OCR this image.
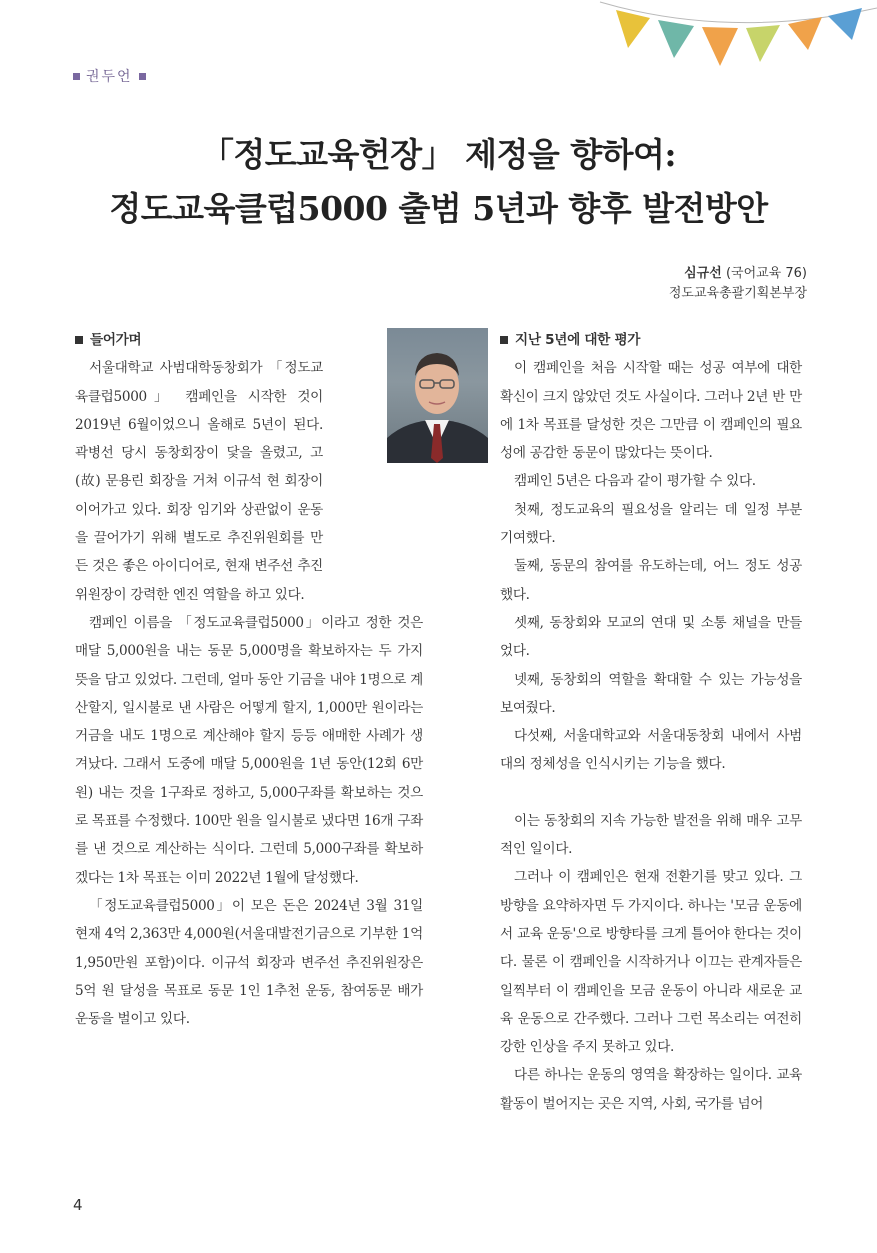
권두언
「정도교육헌장」 제정을 향하여:
정도교육클럽5000 출범 5년과 향후 발전방안
심규선 (국어교육 76)
정도교육총괄기획본부장
들어가며

서울대학교 사범대학동창회가 「정도교육클럽5000」 캠페인을 시작한 것이 2019년 6월이었으니 올해로 5년이 된다. 곽병선 당시 동창회장이 닻을 올렸고, 고(故) 문용린 회장을 거쳐 이규석 현 회장이 이어가고 있다. 회장 임기와 상관없이 운동을 끌어가기 위해 별도로 추진위원회를 만든 것은 좋은 아이디어로, 현재 변주선 추진위원장이 강력한 엔진 역할을 하고 있다.

캠페인 이름을 「정도교육클럽5000」이라고 정한 것은 매달 5,000원을 내는 동문 5,000명을 확보하자는 두 가지 뜻을 담고 있었다. 그런데, 얼마 동안 기금을 내야 1명으로 계산할지, 일시불로 낸 사람은 어떻게 할지, 1,000만 원이라는 거금을 내도 1명으로 계산해야 할지 등등 애매한 사례가 생겨났다. 그래서 도중에 매달 5,000원을 1년 동안(12회 6만 원) 내는 것을 1구좌로 정하고, 5,000구좌를 확보하는 것으로 목표를 수정했다. 100만 원을 일시불로 냈다면 16개 구좌를 낸 것으로 계산하는 식이다. 그런데 5,000구좌를 확보하겠다는 1차 목표는 이미 2022년 1월에 달성했다.

「정도교육클럽5000」이 모은 돈은 2024년 3월 31일 현재 4억 2,363만 4,000원(서울대발전기금으로 기부한 1억 1,950만원 포함)이다. 이규석 회장과 변주선 추진위원장은 5억 원 달성을 목표로 동문 1인 1추천 운동, 참여동문 배가 운동을 벌이고 있다.

지난 5년에 대한 평가

이 캠페인을 처음 시작할 때는 성공 여부에 대한 확신이 크지 않았던 것도 사실이다. 그러나 2년 반 만에 1차 목표를 달성한 것은 그만큼 이 캠페인의 필요성에 공감한 동문이 많았다는 뜻이다.

캠페인 5년은 다음과 같이 평가할 수 있다.

첫째, 정도교육의 필요성을 알리는 데 일정 부분 기여했다.

둘째, 동문의 참여를 유도하는데, 어느 정도 성공했다.

셋째, 동창회와 모교의 연대 및 소통 채널을 만들었다.

넷째, 동창회의 역할을 확대할 수 있는 가능성을 보여줬다.

다섯째, 서울대학교와 서울대동창회 내에서 사범대의 정체성을 인식시키는 기능을 했다.

이는 동창회의 지속 가능한 발전을 위해 매우 고무적인 일이다.

그러나 이 캠페인은 현재 전환기를 맞고 있다. 그 방향을 요약하자면 두 가지이다. 하나는 '모금 운동에서 교육 운동'으로 방향타를 크게 틀어야 한다는 것이다. 물론 이 캠페인을 시작하거나 이끄는 관계자들은 일찍부터 이 캠페인을 모금 운동이 아니라 새로운 교육 운동으로 간주했다. 그러나 그런 목소리는 여전히 강한 인상을 주지 못하고 있다.

다른 하나는 운동의 영역을 확장하는 일이다. 교육활동이 벌어지는 곳은 지역, 사회, 국가를 넘어

4
